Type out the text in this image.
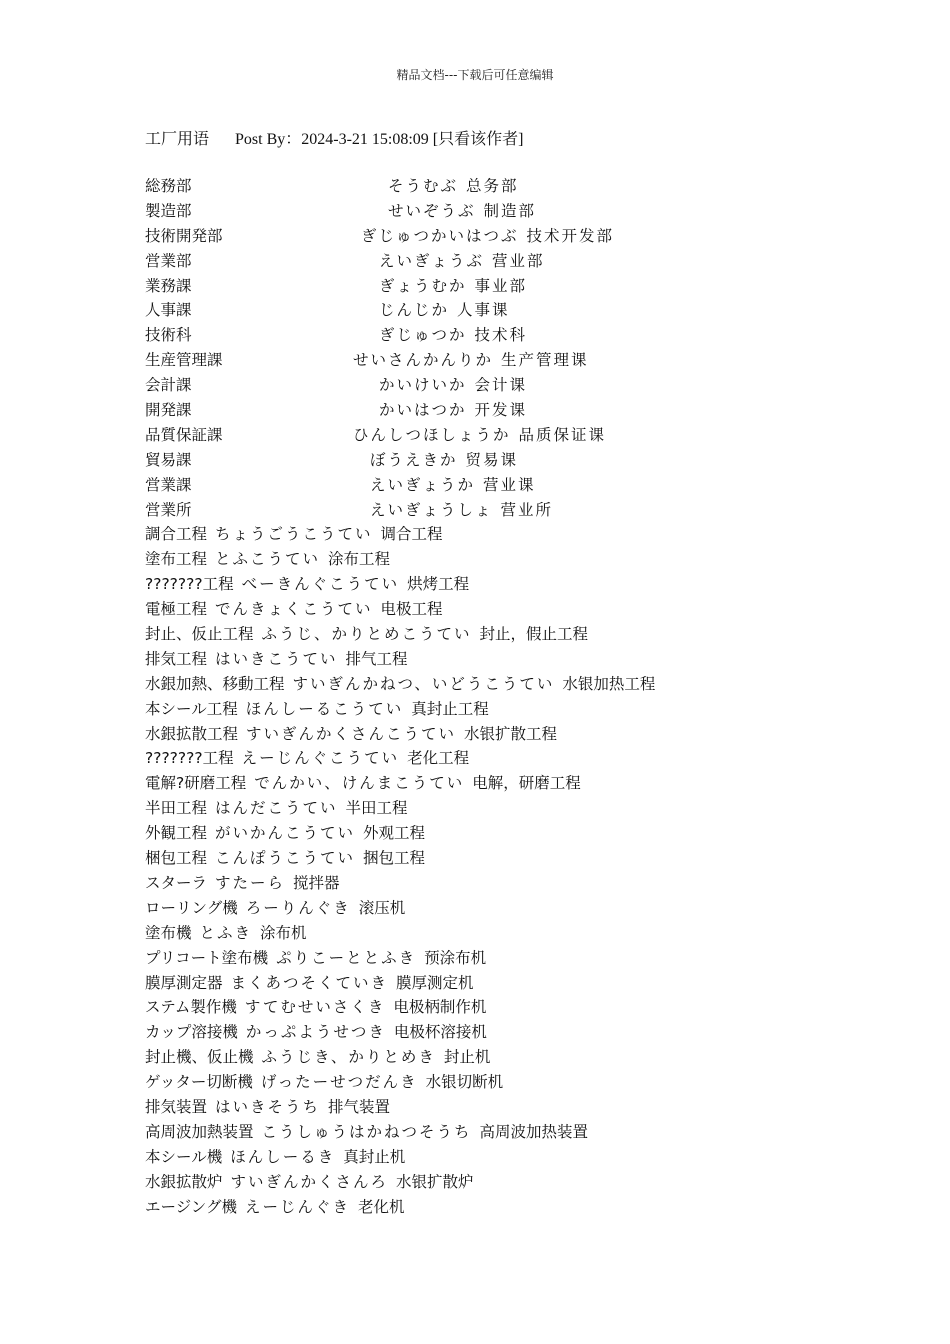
精品文档---下载后可任意编辑
工厂用语 Post By：2024-3-21 15:08:09 [只看该作者]
総務部	そうむぶ 总务部
製造部	せいぞうぶ 制造部
技術開発部	ぎじゅつかいはつぶ 技术开发部
営業部	えいぎょうぶ 营业部
業務課	ぎょうむか 事业部
人事課	じんじか 人事课
技術科	ぎじゅつか 技术科
生産管理課	せいさんかんりか 生产管理课
会計課	かいけいか 会计课
開発課	かいはつか 开发课
品質保証課	ひんしつほしょうか 品质保证课
貿易課	ぼうえきか 贸易课
営業課	えいぎょうか 营业课
営業所	えいぎょうしょ 营业所
調合工程 ちょうごうこうてい 调合工程
塗布工程 とふこうてい 涂布工程
???????工程 べーきんぐこうてい 烘烤工程
電極工程 でんきょくこうてい 电极工程
封止、仮止工程 ふうじ、かりとめこうてい 封止，假止工程
排気工程 はいきこうてい 排气工程
水銀加熱、移動工程 すいぎんかねつ、いどうこうてい 水银加热工程
本シール工程 ほんしーるこうてい 真封止工程
水銀拡散工程 すいぎんかくさんこうてい 水银扩散工程
???????工程 えーじんぐこうてい 老化工程
電解?研磨工程 でんかい、けんまこうてい 电解，研磨工程
半田工程 はんだこうてい 半田工程
外観工程 がいかんこうてい 外观工程
梱包工程 こんぽうこうてい 捆包工程
スターラ すたーら 搅拌器
ローリング機 ろーりんぐき 滚压机
塗布機 とふき 涂布机
プリコート塗布機 ぷりこーととふき 预涂布机
膜厚測定器 まくあつそくていき 膜厚测定机
ステム製作機 すてむせいさくき 电极柄制作机
カップ溶接機 かっぷようせつき 电极杯溶接机
封止機、仮止機 ふうじき、かりとめき 封止机
ゲッター切断機 げったーせつだんき 水银切断机
排気装置 はいきそうち 排气装置
高周波加熱装置 こうしゅうはかねつそうち 高周波加热装置
本シール機 ほんしーるき 真封止机
水銀拡散炉 すいぎんかくさんろ 水银扩散炉
エージング機 えーじんぐき 老化机
